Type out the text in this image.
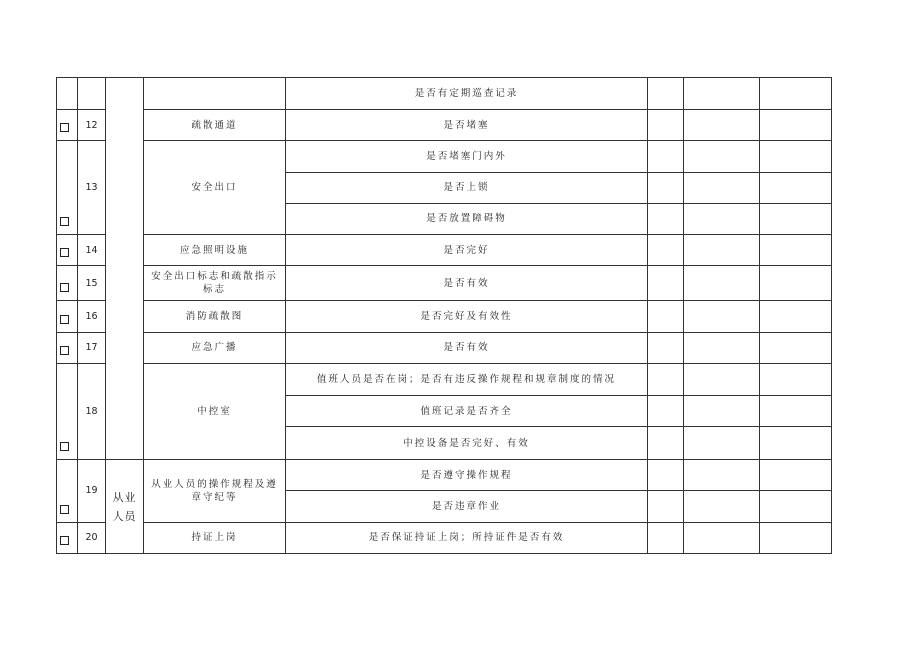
				是否有定期巡查记录			
	12		疏散通道	是否堵塞			
	13		安全出口	是否堵塞门内外			
				是否上锁			
				是否放置障碍物			
	14		应急照明设施	是否完好			
	15		安全出口标志和疏散指示 标志	是否有效			
	16		消防疏散图	是否完好及有效性			
	17		应急广播	是否有效			
	18		中控室	值班人员是否在岗；是否有违反操作规程和规章制度的情况			
				值班记录是否齐全			
				中控设备是否完好、有效			
	19	从业人员	从业人员的操作规程及遵 章守纪等	是否遵守操作规程			
				是否违章作业			
	20		持证上岗	是否保证持证上岗；所持证件是否有效			
